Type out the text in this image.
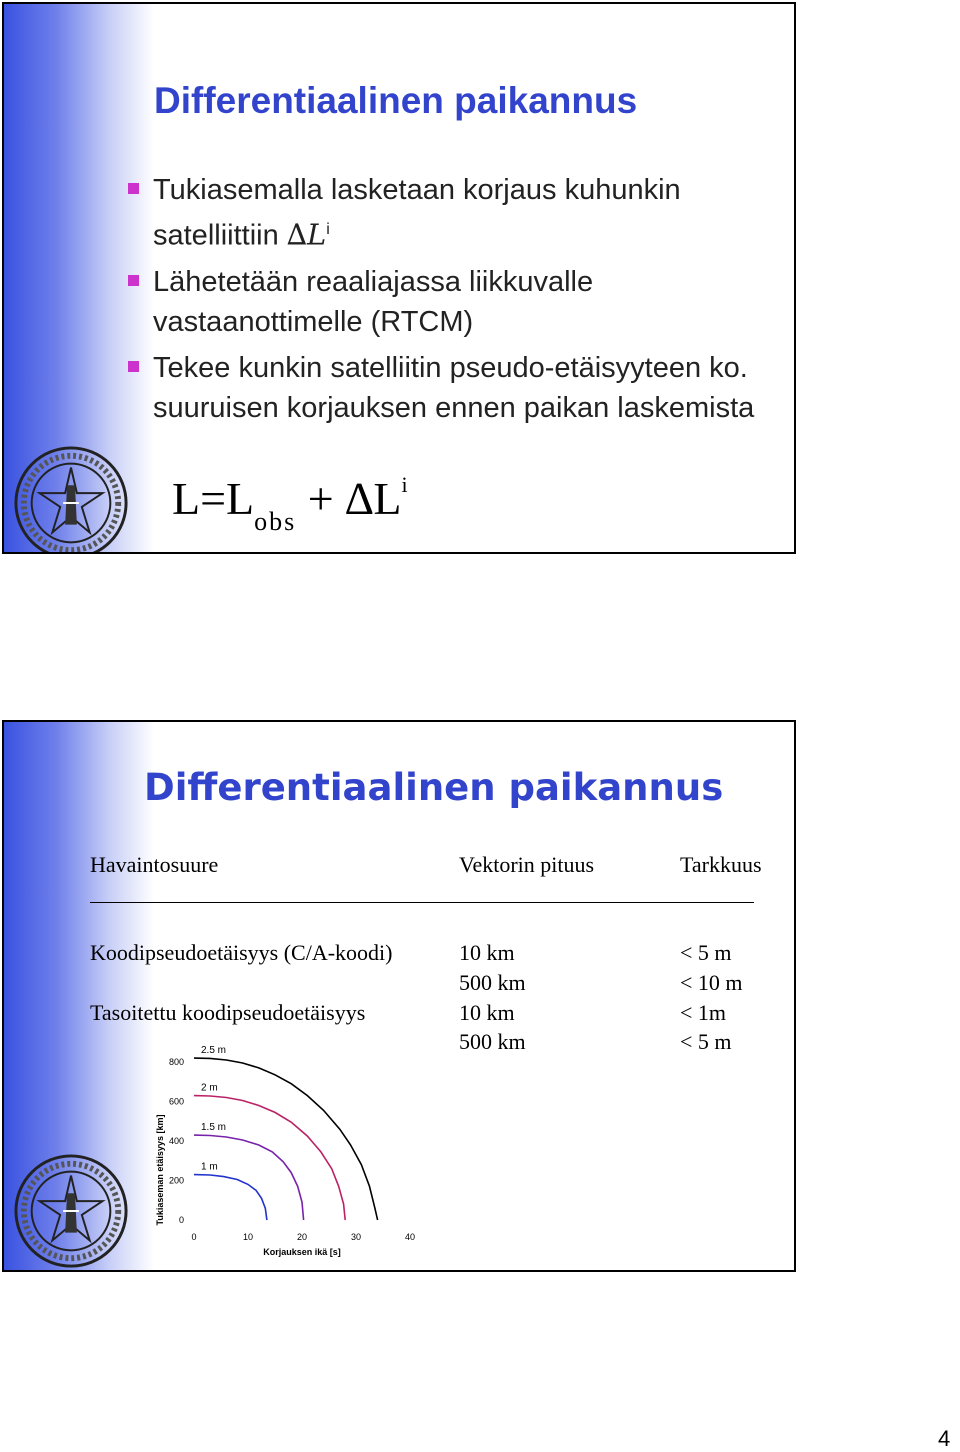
Differentiaalinen paikannus
Tukiasemalla lasketaan korjaus kuhunkin satelliittiin $\Delta L^i$
Lähetetään reaaliajassa liikkuvalle vastaanottimelle (RTCM)
Tekee kunkin satelliitin pseudo-etäisyyteen ko. suuruisen korjauksen ennen paikan laskemista
$L=L_{obs} + \Delta L^i$
Differentiaalinen paikannus
Havaintosuure	Vektorin pituus	Tarkkuus
Koodipseudoetäisyys (C/A-koodi)	10 km	< 5 m
500 km	< 10 m
Tasoitettu koodipseudoetäisyys	10 km	< 1m
500 km	< 5 m
0
200
400
600
800
0	10	20	30	40
2.5 m
2 m
1.5 m
1 m
Tukiaseman etäisyys [km]
Korjauksen ikä [s]
4
